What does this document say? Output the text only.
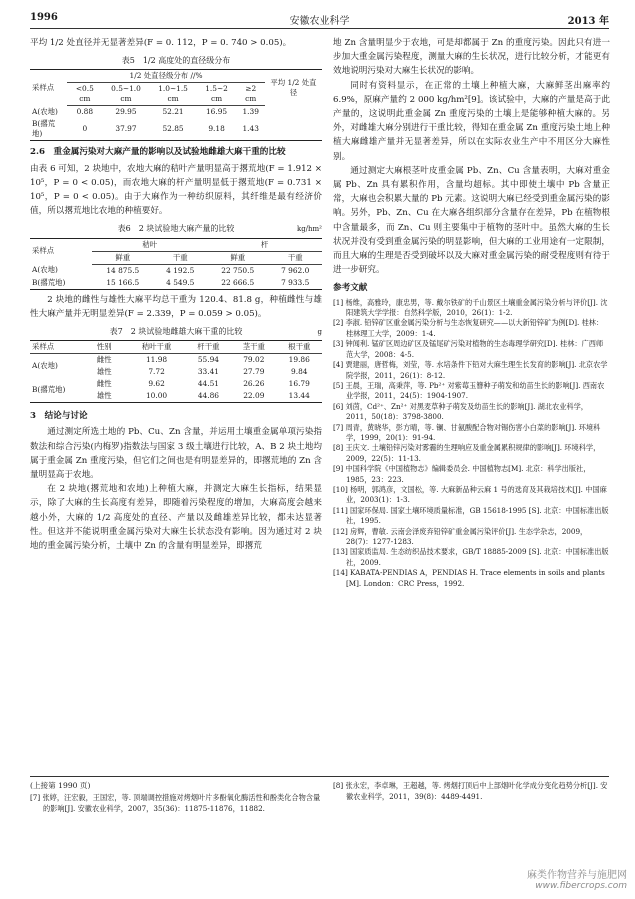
1996	安徽农业科学	2013 年

平均 1/2 处直径并无显著差异(F = 0. 112，P = 0. 740 > 0.05)。

表5　1/2 高度处的直径级分布
采样点	1/2 处直径级分布 //%					平均 1/2 处直径
	<0.5 cm	0.5~1.0 cm	1.0~1.5 cm	1.5~2 cm	≥2 cm	
A(农地)	0.88	29.95	52.21	16.95	1.39	
B(撂荒地)	0	37.97	52.85	9.18	1.43	
2.6　重金属污染对大麻产量的影响以及试验地雌雄大麻干重的比较

由表 6 可知，2 块地中，农地大麻的秸叶产量明显高于撂荒地(F = 1.912 × 10⁵，P = 0 < 0.05)，而农地大麻的杆产量明显低于撂荒地(F = 0.731 × 10⁵，P = 0 < 0.05)。由于大麻作为一种纺织原料，其纤维是最有经济价值，所以撂荒地比农地的种植要好。

表6　2 块试验地大麻产量的比较	kg/hm²
采样点	秸叶		杆	
	鲜重	干重	鲜重	干重
A(农地)	14 875.5	4 192.5	22 750.5	7 962.0
B(撂荒地)	15 166.5	4 549.5	22 666.5	7 933.5

2 块地的雌性与雄性大麻平均总干重为 120.4、81.8 g，种植雌性与雄性大麻产量并无明显差异(F = 2.339，P = 0.059 > 0.05)。

表7　2 块试验地雌雄大麻干重的比较	g
采样点	性别	秸叶干重	杆干重	茎干重	根干重
A(农地)	雌性	11.98	55.94	79.02	19.86
	雄性	7.72	33.41	27.79	9.84
B(撂荒地)	雌性	9.62	44.51	26.26	16.79
	雄性	10.00	44.86	22.09	13.44
3　结论与讨论

通过测定所选土地的 Pb、Cu、Zn 含量，并运用土壤重金属单项污染指数法和综合污染(内梅罗)指数法与国家 3 级土壤进行比较，A、B 2 块土地均属于重金属 Zn 重度污染，但它们之间也是有明显差异的，即撂荒地的 Zn 含量明显高于农地。

在 2 块地(撂荒地和农地)上种植大麻，并测定大麻生长指标，结果显示，除了大麻的生长高度有差异，即随着污染程度的增加，大麻高度会越来越小外，大麻的 1/2 高度处的直径、产量以及雌雄差异比较，都未达显著性。但这并不能说明重金属污染对大麻生长状态没有影响。因为通过对 2 块地的重金属污染分析，土壤中 Zn 的含量有明显差异，即撂荒

地 Zn 含量明显少于农地，可是却都属于 Zn 的重度污染。因此只有进一步加大重金属污染程度，测量大麻的生长状况，进行比较分析，才能更有效地说明污染对大麻生长状况的影响。

同时有资料显示，在正常的土壤上种植大麻，大麻鲜茎出麻率约 6.9%，原麻产量约 2 000 kg/hm²[9]。该试验中，大麻的产量是高于此产量的，这说明此重金属 Zn 重度污染的土壤上是能够种植大麻的。另外，对雌雄大麻分别进行干重比较，得知在重金属 Zn 重度污染土地上种植大麻雌雄产量并无显著差异，所以在实际农业生产中不用区分大麻性别。

通过测定大麻根茎叶皮重金属 Pb、Zn、Cu 含量表明，大麻对重金属 Pb、Zn 具有累积作用，含量均超标。其中即使土壤中 Pb 含量正常，大麻也会积累大量的 Pb 元素。这说明大麻已经受到重金属污染的影响。另外，Pb、Zn、Cu 在大麻各组织部分含量存在差异，Pb 在植物根中含量最多，而 Zn、Cu 则主要集中于植物的茎叶中。虽然大麻的生长状况并没有受到重金属污染的明显影响，但大麻的工业用途有一定限制，而且大麻的生理是否受到破坏以及大麻对重金属污染的耐受程度则有待于进一步研究。

参考文献
[1] 杨维，高雅玲，康忠男，等. 戴尔铁矿的千山景区土壤重金属污染分析与评价[J]. 沈阳建筑大学学报：自然科学版，2010，26(1)：1-2.
[2] 李淑. 铅锌矿区重金属污染分析与生态恢复研究——以大新铅锌矿为例[D]. 桂林：桂林理工大学，2009：1-4.
[3] 钟闻利. 锰矿区周边矿区及锰尾矿污染对植物的生态毒理学研究[D]. 桂林：广西师范大学，2008：4-5.
[4] 贾建丽，唐哲梅，刘莹，等. 水培条件下铅对大麻生理生长发育的影响[J]. 北京农学院学报，2011，26(1)：8-12.
[5] 王晨，王瑞，高秉萍，等. Pb²⁺ 对紫莓玉簪种子萌发和幼苗生长的影响[J]. 西南农业学报，2011，24(5)：1904-1907.
[6] 刘茵，Cd²⁺、Zn²⁺ 对黑麦草种子萌发及幼苗生长的影响[J]. 湖北农业科学，2011，50(18)：3798-3800.
[7] 周青，黄晓华，彭方晴，等. 镧、甘氨酸配合物对锡伤害小白菜的影响[J]. 环境科学，1999，20(1)：91-94.
[8] 王庆文. 土壤铅锌污染对雾霾的生理响应及重金属累积规律的影响[J]. 环境科学，2009，22(5)：11-13.
[9] 中国科学院《中国植物志》编辑委员会. 中国植物志[M]. 北京：科学出版社，1985，23：223.
[10] 杨明，郭鸿彦，文国松，等. 大麻新品种云麻 1 号的选育及其栽培技术[J]. 中国麻业，2003(1)：1-3.
[11] 国家环保局. 国家土壤环境质量标准，GB 15618-1995 [S]. 北京：中国标准出版社，1995.
[12] 房辉，曹敏. 云南会泽废弃铅锌矿重金属污染评价[J]. 生态学杂志，2009，28(7)：1277-1283.
[13] 国家质监局. 生态纺织品技术要求，GB/T 18885-2009 [S]. 北京：中国标准出版社，2009.
[14] KABATA-PENDIAS A，PENDIAS H. Trace elements in soils and plants [M]. London：CRC Press，1992.
(上接第 1990 页)
[7] 张婷，汪宏毅，王国宏，等. 顶端调控措施对烤烟叶片多酚氧化酶活性和酚类化合物含量的影响[J]. 安徽农业科学，2007，35(36)：11875-11876，11882.
[8] 张永宏，李卓琳，王超越，等. 烤烟打顶后中上部烟叶化学成分变化趋势分析[J]. 安徽农业科学，2011，39(8)：4489-4491.
麻类作物营养与施肥网
www.fibercrops.com
